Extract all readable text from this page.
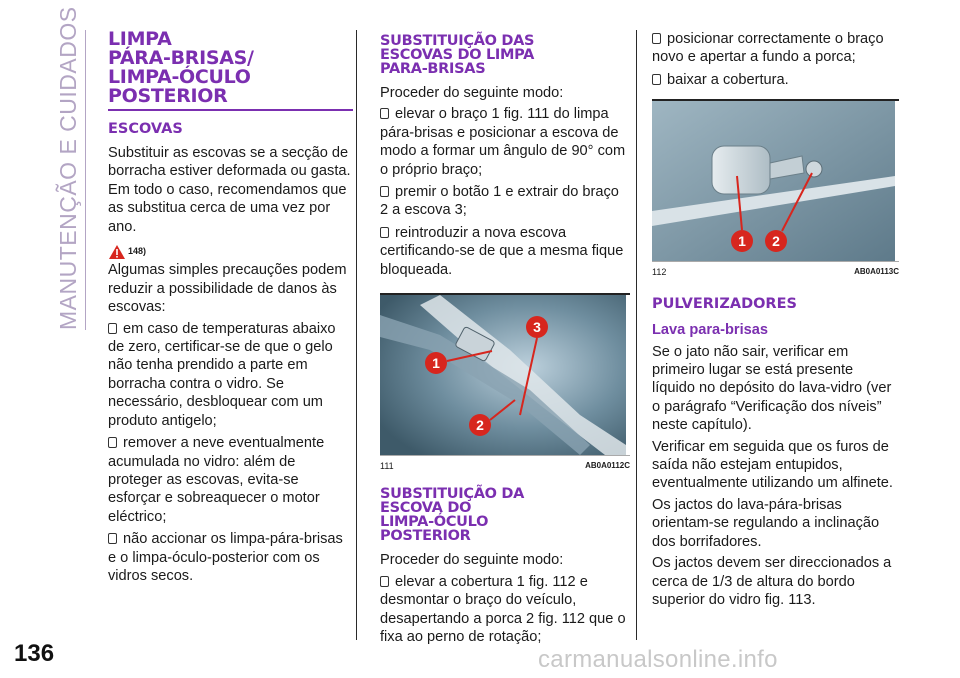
MANUTENÇÃO E CUIDADOS
136	carmanualsonline.info
LIMPA
PÁRA-BRISAS/
LIMPA-ÓCULO
POSTERIOR
ESCOVAS

Substituir as escovas se a secção de borracha estiver deformada ou gasta. Em todo o caso, recomendamos que as substitua cerca de uma vez por ano.

148)

Algumas simples precauções podem reduzir a possibilidade de danos às escovas:

em caso de temperaturas abaixo de zero, certificar-se de que o gelo não tenha prendido a parte em borracha contra o vidro. Se necessário, desbloquear com um produto antigelo;

remover a neve eventualmente acumulada no vidro: além de proteger as escovas, evita-se esforçar e sobreaquecer o motor eléctrico;

não accionar os limpa-pára-brisas e o limpa-óculo-posterior com os vidros secos.

SUBSTITUIÇÃO DAS
ESCOVAS DO LIMPA
PARA-BRISAS

Proceder do seguinte modo:

elevar o braço 1 fig. 111 do limpa pára-brisas e posicionar a escova de modo a formar um ângulo de 90° com o próprio braço;

premir o botão 1 e extrair do braço 2 a escova 3;

reintroduzir a nova escova certificando-se de que a mesma fique bloqueada.

3
1
2
111	AB0A0112C
SUBSTITUIÇÃO DA
ESCOVA DO
LIMPA-ÓCULO
POSTERIOR

Proceder do seguinte modo:

elevar a cobertura 1 fig. 112 e desmontar o braço do veículo, desapertando a porca 2 fig. 112 que o fixa ao perno de rotação;

posicionar correctamente o braço novo e apertar a fundo a porca;

baixar a cobertura.

1 2
112	AB0A0113C
PULVERIZADORES
Lava para-brisas

Se o jato não sair, verificar em primeiro lugar se está presente líquido no depósito do lava-vidro (ver o parágrafo “Verificação dos níveis” neste capítulo).

Verificar em seguida que os furos de saída não estejam entupidos, eventualmente utilizando um alfinete.

Os jactos do lava-pára-brisas orientam-se regulando a inclinação dos borrifadores.

Os jactos devem ser direccionados a cerca de 1/3 de altura do bordo superior do vidro fig. 113.
